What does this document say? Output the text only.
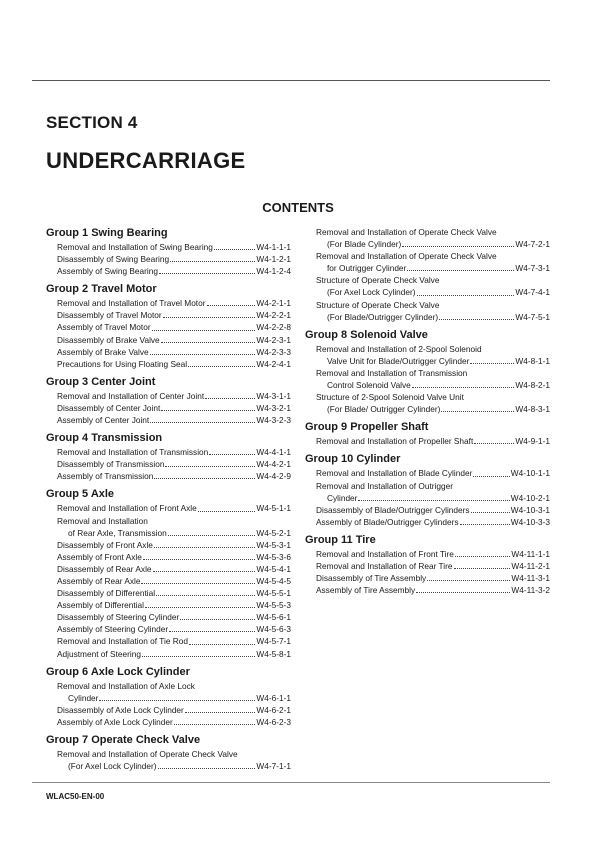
SECTION 4
UNDERCARRIAGE
CONTENTS
Group 1 Swing Bearing
Removal and Installation of Swing Bearing	W4-1-1-1
Disassembly of Swing Bearing	W4-1-2-1
Assembly of Swing Bearing	W4-1-2-4
Group 2 Travel Motor
Removal and Installation of Travel Motor	W4-2-1-1
Disassembly of Travel Motor	W4-2-2-1
Assembly of Travel Motor	W4-2-2-8
Disassembly of Brake Valve	W4-2-3-1
Assembly of Brake Valve	W4-2-3-3
Precautions for Using Floating Seal	W4-2-4-1
Group 3 Center Joint
Removal and Installation of Center Joint	W4-3-1-1
Disassembly of Center Joint	W4-3-2-1
Assembly of Center Joint	W4-3-2-3
Group 4 Transmission
Removal and Installation of Transmission	W4-4-1-1
Disassembly of Transmission	W4-4-2-1
Assembly of Transmission	W4-4-2-9
Group 5 Axle
Removal and Installation of Front Axle	W4-5-1-1
Removal and Installation
of Rear Axle, Transmission	W4-5-2-1
Disassembly of Front Axle	W4-5-3-1
Assembly of Front Axle	W4-5-3-6
Disassembly of Rear Axle	W4-5-4-1
Assembly of Rear Axle	W4-5-4-5
Disassembly of Differential	W4-5-5-1
Assembly of Differential	W4-5-5-3
Disassembly of Steering Cylinder	W4-5-6-1
Assembly of Steering Cylinder	W4-5-6-3
Removal and Installation of Tie Rod	W4-5-7-1
Adjustment of Steering	W4-5-8-1
Group 6 Axle Lock Cylinder
Removal and Installation of Axle Lock
Cylinder	W4-6-1-1
Disassembly of Axle Lock Cylinder	W4-6-2-1
Assembly of Axle Lock Cylinder	W4-6-2-3
Group 7 Operate Check Valve
Removal and Installation of Operate Check Valve
(For Axel Lock Cylinder)	W4-7-1-1
Removal and Installation of Operate Check Valve
(For Blade Cylinder)	W4-7-2-1
Removal and Installation of Operate Check Valve
for Outrigger Cylinder	W4-7-3-1
Structure of Operate Check Valve
(For Axel Lock Cylinder)	W4-7-4-1
Structure of Operate Check Valve
(For Blade/Outrigger Cylinder)	W4-7-5-1
Group 8 Solenoid Valve
Removal and Installation of 2-Spool Solenoid
Valve Unit for Blade/Outrigger Cylinder	W4-8-1-1
Removal and Installation of Transmission
Control Solenoid Valve	W4-8-2-1
Structure of 2-Spool Solenoid Valve Unit
(For Blade/ Outrigger Cylinder)	W4-8-3-1
Group 9 Propeller Shaft
Removal and Installation of Propeller Shaft	W4-9-1-1
Group 10 Cylinder
Removal and Installation of Blade Cylinder	W4-10-1-1
Removal and Installation of Outrigger
Cylinder	W4-10-2-1
Disassembly of Blade/Outrigger Cylinders	W4-10-3-1
Assembly of Blade/Outrigger Cylinders	W4-10-3-3
Group 11 Tire
Removal and Installation of Front Tire	W4-11-1-1
Removal and Installation of Rear Tire	W4-11-2-1
Disassembly of Tire Assembly	W4-11-3-1
Assembly of Tire Assembly	W4-11-3-2
WLAC50-EN-00
